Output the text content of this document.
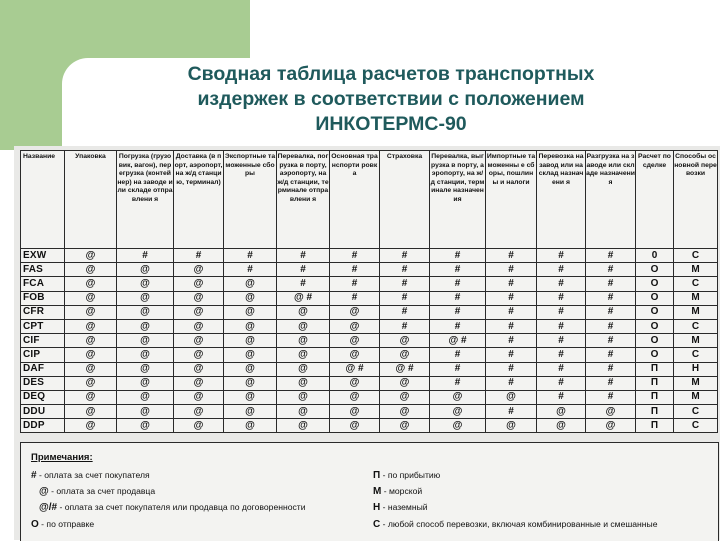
Сводная таблица расчетов транспортных
издержек в соответствии с положением
ИНКОТЕРМС-90
Название	Упаковка	Погрузка (грузовик, вагон), перегрузка (контейнер) на заводе или складе отправлени я	Доставка (в порт, аэропорт, на ж/д станцию, терминал)	Экспортные таможенные сборы	Перевалка, погрузка в порту, аэропорту, на ж/д станции, терминале отправлени я	Основная транспорти ровка	Страховка	Перевалка, выгрузка в порту, аэропорту, на ж/д станции, терминале назначения	Импортные таможенны е сборы, пошлины и налоги	Перевозка на завод или на склад назначени я	Разгрузка на заводе или складе назначения	Расчет по сделке	Способы основной перевозки
EXW	@	#	#	#	#	#	#	#	#	#	#	0	C
FAS	@	@	@	#	#	#	#	#	#	#	#	O	M
FCA	@	@	@	@	#	#	#	#	#	#	#	O	C
FOB	@	@	@	@	@ #	#	#	#	#	#	#	O	M
CFR	@	@	@	@	@	@	#	#	#	#	#	O	M
CPT	@	@	@	@	@	@	#	#	#	#	#	O	C
CIF	@	@	@	@	@	@	@	@ #	#	#	#	O	M
CIP	@	@	@	@	@	@	@	#	#	#	#	O	C
DAF	@	@	@	@	@	@ #	@ #	#	#	#	#	П	Н
DES	@	@	@	@	@	@	@	#	#	#	#	П	М
DEQ	@	@	@	@	@	@	@	@	@	#	#	П	М
DDU	@	@	@	@	@	@	@	@	#	@	@	П	С
DDP	@	@	@	@	@	@	@	@	@	@	@	П	С
Примечания:
# - оплата за счет покупателя
@ - оплата за счет продавца
@/# - оплата за счет покупателя или продавца по договоренности
O - по отправке
П - по прибытию
М - морской
Н - наземный
С - любой способ перевозки, включая комбинированные и смешанные
